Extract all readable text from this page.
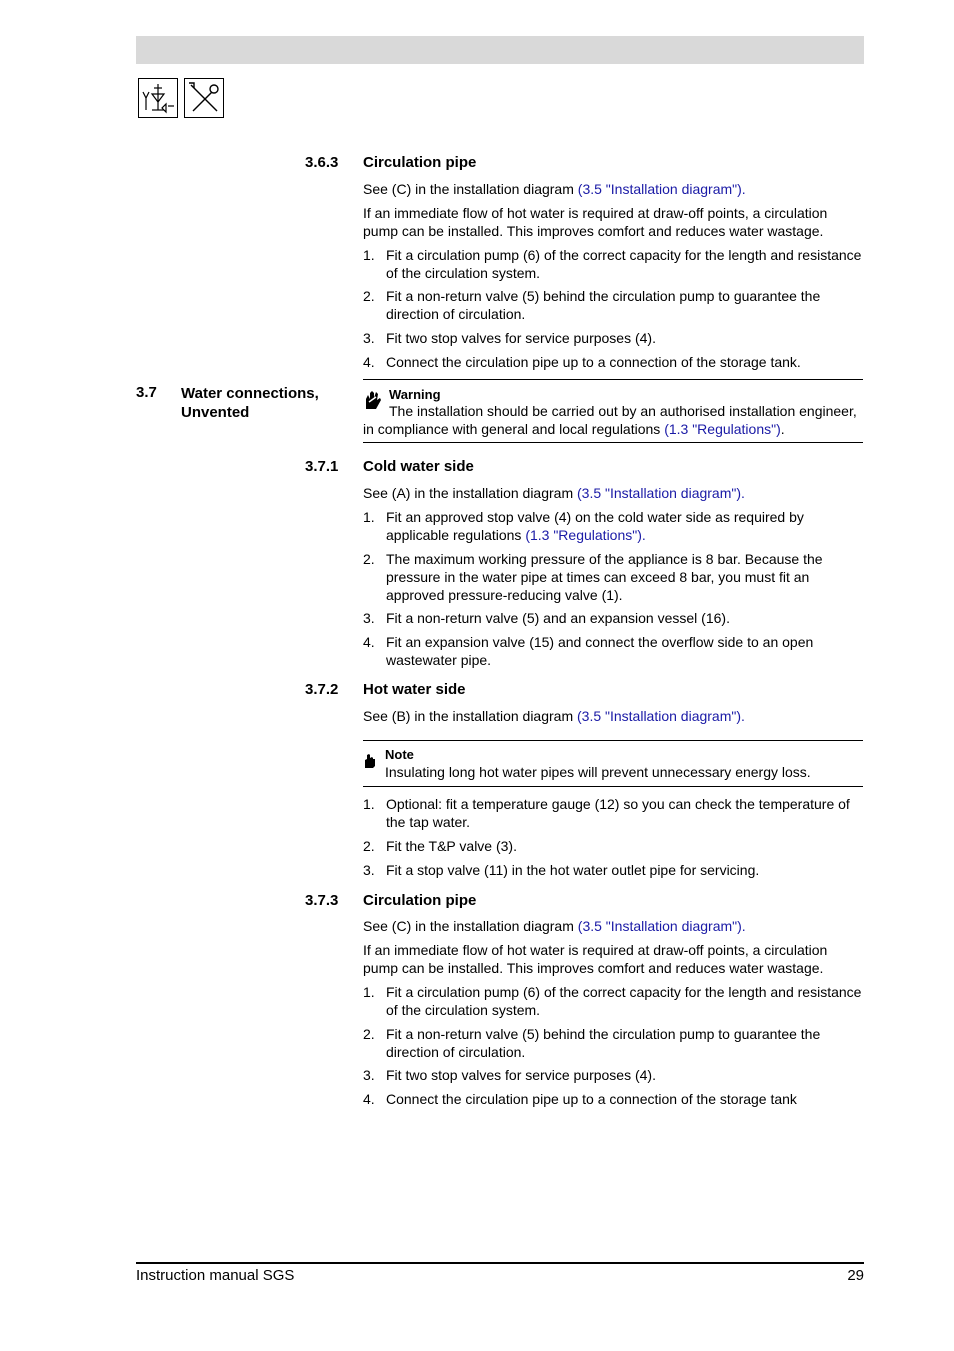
3.6.3 Circulation pipe
See (C) in the installation diagram (3.5 "Installation diagram").
If an immediate flow of hot water is required at draw-off points, a circulation
pump can be installed. This improves comfort and reduces water wastage.
1. Fit a circulation pump (6) of the correct capacity for the length and resistance
of the circulation system.
2. Fit a non-return valve (5) behind the circulation pump to guarantee the
direction of circulation.
3. Fit two stop valves for service purposes (4).
4. Connect the circulation pipe up to a connection of the storage tank.
3.7 Water connections,
Unvented
Warning
The installation should be carried out by an authorised installation engineer,
in compliance with general and local regulations (1.3 "Regulations").
3.7.1 Cold water side
See (A) in the installation diagram (3.5 "Installation diagram").
1. Fit an approved stop valve (4) on the cold water side as required by
applicable regulations (1.3 "Regulations").
2. The maximum working pressure of the appliance is 8 bar. Because the
pressure in the water pipe at times can exceed 8 bar, you must fit an
approved pressure-reducing valve (1).
3. Fit a non-return valve (5) and an expansion vessel (16).
4. Fit an expansion valve (15) and connect the overflow side to an open
wastewater pipe.
3.7.2 Hot water side
See (B) in the installation diagram (3.5 "Installation diagram").
Note
Insulating long hot water pipes will prevent unnecessary energy loss.
1. Optional: fit a temperature gauge (12) so you can check the temperature of
the tap water.
2. Fit the T&P valve (3).
3. Fit a stop valve (11) in the hot water outlet pipe for servicing.
3.7.3 Circulation pipe
See (C) in the installation diagram (3.5 "Installation diagram").
If an immediate flow of hot water is required at draw-off points, a circulation
pump can be installed. This improves comfort and reduces water wastage.
1. Fit a circulation pump (6) of the correct capacity for the length and resistance
of the circulation system.
2. Fit a non-return valve (5) behind the circulation pump to guarantee the
direction of circulation.
3. Fit two stop valves for service purposes (4).
4. Connect the circulation pipe up to a connection of the storage tank
Instruction manual SGS	29
